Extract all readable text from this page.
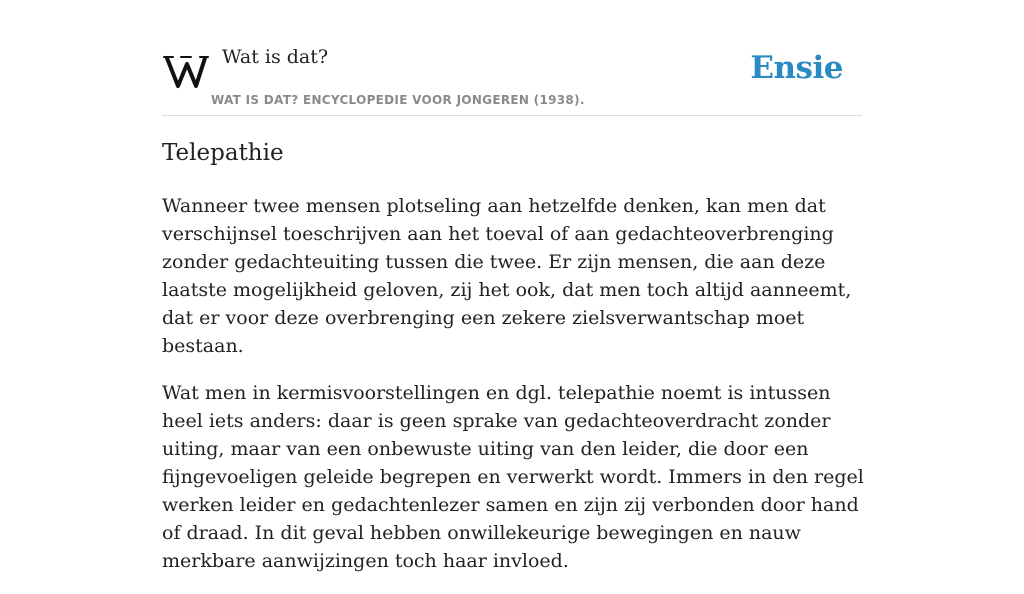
Wat is dat?
WAT IS DAT? ENCYCLOPEDIE VOOR JONGEREN (1938).
Ensie
Telepathie

Wanneer twee mensen plotseling aan hetzelfde denken, kan men dat verschijnsel toeschrijven aan het toeval of aan gedachteoverbrenging zonder gedachteuiting tussen die twee. Er zijn mensen, die aan deze laatste mogelijkheid geloven, zij het ook, dat men toch altijd aanneemt, dat er voor deze overbrenging een zekere zielsverwantschap moet bestaan.

Wat men in kermisvoorstellingen en dgl. telepathie noemt is intussen heel iets anders: daar is geen sprake van gedachteoverdracht zonder uiting, maar van een onbewuste uiting van den leider, die door een fijngevoeligen geleide begrepen en verwerkt wordt. Immers in den regel werken leider en gedachtenlezer samen en zijn zij verbonden door hand of draad. In dit geval hebben onwillekeurige bewegingen en nauw merkbare aanwijzingen toch haar invloed.
